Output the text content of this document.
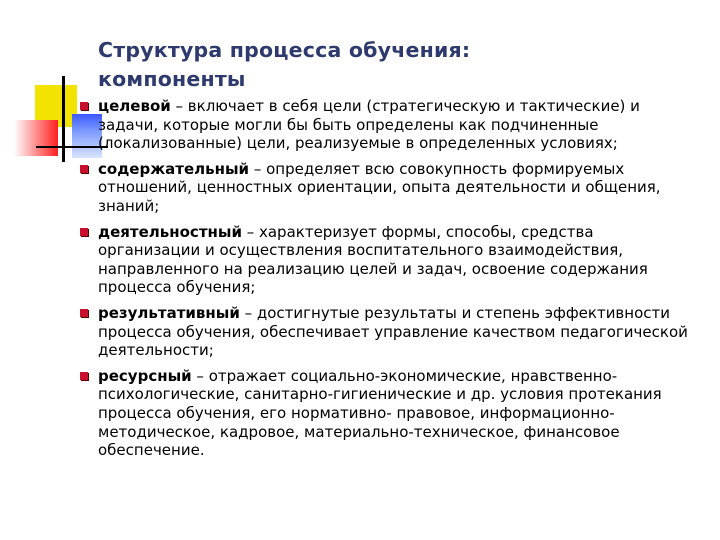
Структура процесса обучения:
компоненты
целевой – включает в себя цели (стратегическую и тактические) и задачи, которые могли бы быть определены как подчиненные (локализованные) цели, реализуемые в определенных условиях;
содержательный – определяет всю совокупность формируемых отношений, ценностных ориентации, опыта деятельности и общения, знаний;
деятельностный – характеризует формы, способы, средства организации и осуществления воспитательного взаимодействия, направленного на реализацию целей и задач, освоение содержания процесса обучения;
результативный – достигнутые результаты и степень эффективности процесса обучения, обеспечивает управление качеством педагогической деятельности;
ресурсный – отражает социально-экономические, нравственно-психологические, санитарно-гигиенические и др. условия протекания процесса обучения, его нормативно- правовое, информационно-методическое, кадровое, материально-техническое, финансовое обеспечение.
